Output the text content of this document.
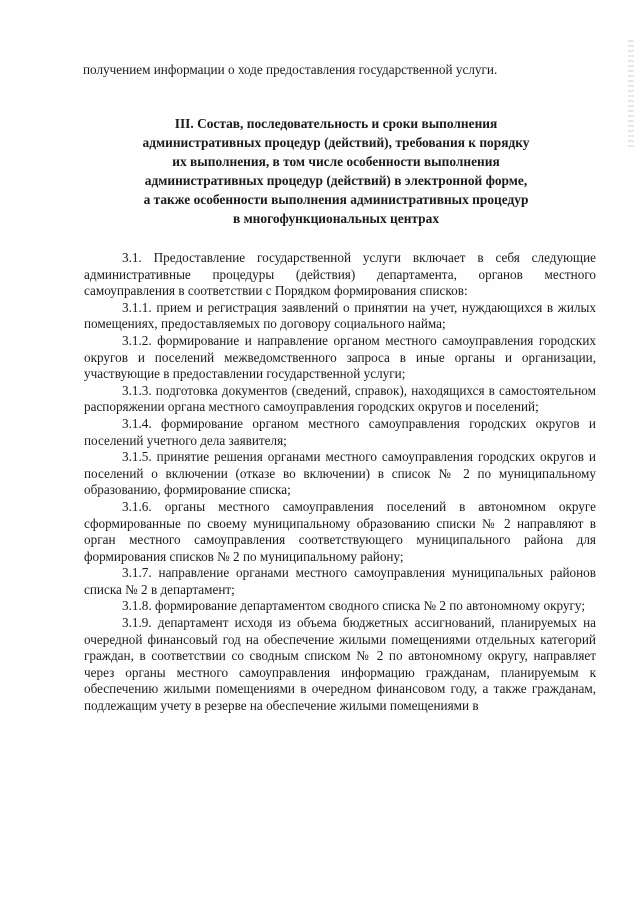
получением информации о ходе предоставления государственной услуги.
III. Состав, последовательность и сроки выполнения
административных процедур (действий), требования к порядку
их выполнения, в том числе особенности выполнения
административных процедур (действий) в электронной форме,
а также особенности выполнения административных процедур
в многофункциональных центрах

3.1. Предоставление государственной услуги включает в себя следующие административные процедуры (действия) департамента, органов местного самоуправления в соответствии с Порядком формирования списков:

3.1.1. прием и регистрация заявлений о принятии на учет, нуждающихся в жилых помещениях, предоставляемых по договору социального найма;

3.1.2. формирование и направление органом местного самоуправления городских округов и поселений межведомственного запроса в иные органы и организации, участвующие в предоставлении государственной услуги;

3.1.3. подготовка документов (сведений, справок), находящихся в самостоятельном распоряжении органа местного самоуправления городских округов и поселений;

3.1.4. формирование органом местного самоуправления городских округов и поселений учетного дела заявителя;

3.1.5. принятие решения органами местного самоуправления городских округов и поселений о включении (отказе во включении) в список № 2 по муниципальному образованию, формирование списка;

3.1.6. органы местного самоуправления поселений в автономном округе сформированные по своему муниципальному образованию списки № 2 направляют в орган местного самоуправления соответствующего муниципального района для формирования списков № 2 по муниципальному району;

3.1.7. направление органами местного самоуправления муниципальных районов списка № 2 в департамент;

3.1.8. формирование департаментом сводного списка № 2 по автономному округу;

3.1.9. департамент исходя из объема бюджетных ассигнований, планируемых на очередной финансовый год на обеспечение жилыми помещениями отдельных категорий граждан, в соответствии со сводным списком № 2 по автономному округу, направляет через органы местного самоуправления информацию гражданам, планируемым к обеспечению жилыми помещениями в очередном финансовом году, а также гражданам, подлежащим учету в резерве на обеспечение жилыми помещениями в
